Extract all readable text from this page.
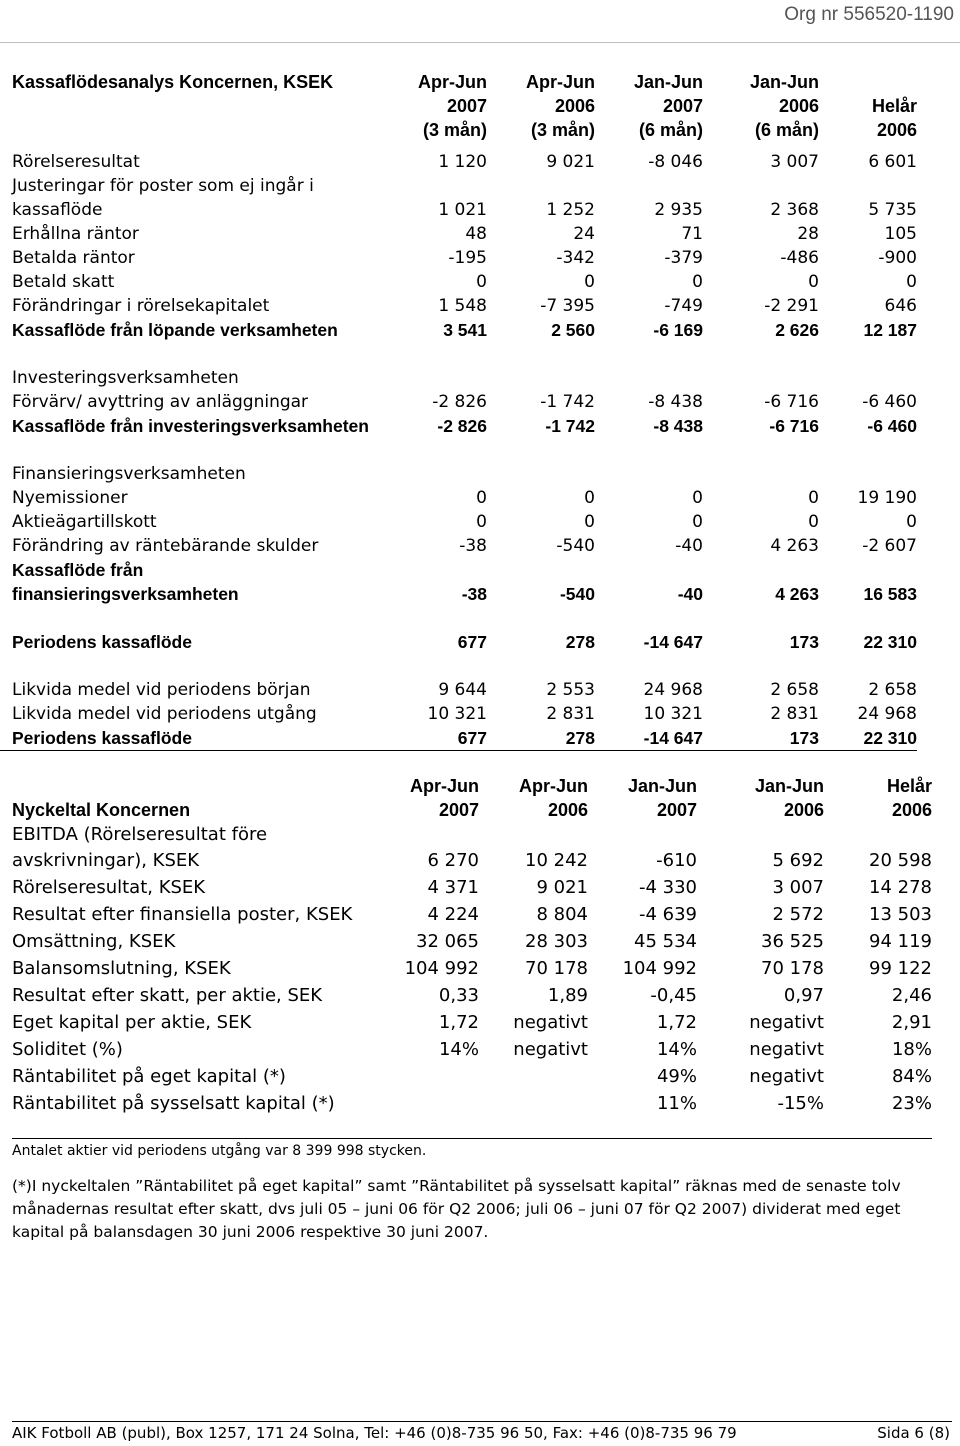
Org nr 556520-1190
Kassaflödesanalys Koncernen, KSEK	Apr-Jun	Apr-Jun	Jan-Jun	Jan-Jun	
	2007	2006	2007	2006	Helår
	(3 mån)	(3 mån)	(6 mån)	(6 mån)	2006

Rörelseresultat	1 120	9 021	-8 046	3 007	6 601
Justeringar för poster som ej ingår i					
kassaflöde	1 021	1 252	2 935	2 368	5 735
Erhållna räntor	48	24	71	28	105
Betalda räntor	-195	-342	-379	-486	-900
Betald skatt	0	0	0	0	0
Förändringar i rörelsekapitalet	1 548	-7 395	-749	-2 291	646
Kassaflöde från löpande verksamheten	3 541	2 560	-6 169	2 626	12 187

Investeringsverksamheten					
Förvärv/ avyttring av anläggningar	-2 826	-1 742	-8 438	-6 716	-6 460
Kassaflöde från investeringsverksamheten	-2 826	-1 742	-8 438	-6 716	-6 460

Finansieringsverksamheten					
Nyemissioner	0	0	0	0	19 190
Aktieägartillskott	0	0	0	0	0
Förändring av räntebärande skulder	-38	-540	-40	4 263	-2 607
Kassaflöde från					
finansieringsverksamheten	-38	-540	-40	4 263	16 583

Periodens kassaflöde	677	278	-14 647	173	22 310

Likvida medel vid periodens början	9 644	2 553	24 968	2 658	2 658
Likvida medel vid periodens utgång	10 321	2 831	10 321	2 831	24 968
Periodens kassaflöde	677	278	-14 647	173	22 310
	Apr-Jun	Apr-Jun	Jan-Jun	Jan-Jun	Helår
Nyckeltal Koncernen	2007	2006	2007	2006	2006
EBITDA (Rörelseresultat före					
avskrivningar), KSEK	6 270	10 242	-610	5 692	20 598
Rörelseresultat, KSEK	4 371	9 021	-4 330	3 007	14 278
Resultat efter finansiella poster, KSEK	4 224	8 804	-4 639	2 572	13 503
Omsättning, KSEK	32 065	28 303	45 534	36 525	94 119
Balansomslutning, KSEK	104 992	70 178	104 992	70 178	99 122
Resultat efter skatt, per aktie, SEK	0,33	1,89	-0,45	0,97	2,46
Eget kapital per aktie, SEK	1,72	negativt	1,72	negativt	2,91
Soliditet (%)	14%	negativt	14%	negativt	18%
Räntabilitet på eget kapital (*)			49%	negativt	84%
Räntabilitet på sysselsatt kapital (*)			11%	-15%	23%
Antalet aktier vid periodens utgång var 8 399 998 stycken.
(*)I nyckeltalen ”Räntabilitet på eget kapital” samt ”Räntabilitet på sysselsatt kapital” räknas med de senaste tolv månadernas resultat efter skatt, dvs juli 05 – juni 06 för Q2 2006; juli 06 – juni 07 för Q2 2007) dividerat med eget kapital på balansdagen 30 juni 2006 respektive 30 juni 2007.
AIK Fotboll AB (publ), Box 1257, 171 24 Solna, Tel: +46 (0)8-735 96 50, Fax: +46 (0)8-735 96 79	Sida 6 (8)
